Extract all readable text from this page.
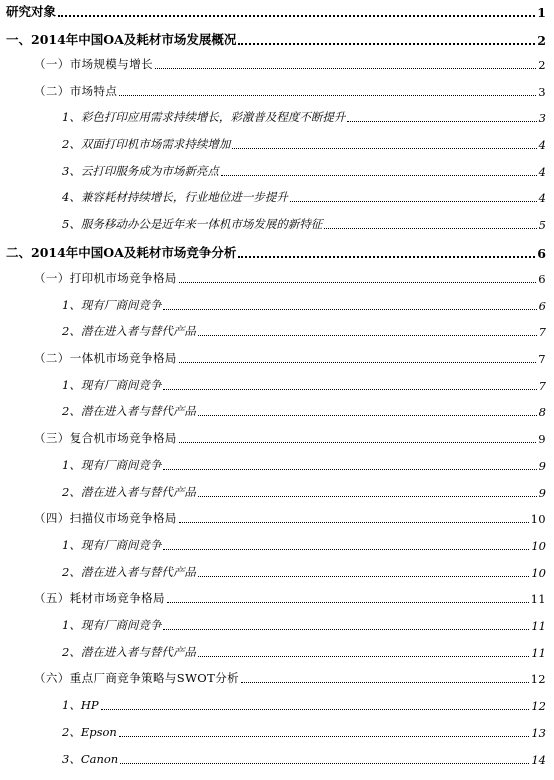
研究对象	1
一、2014年中国OA及耗材市场发展概况	2
（一）市场规模与增长	2
（二）市场特点	3
1、彩色打印应用需求持续增长，彩激普及程度不断提升	3
2、双面打印机市场需求持续增加	4
3、云打印服务成为市场新亮点	4
4、兼容耗材持续增长，行业地位进一步提升	4
5、服务移动办公是近年来一体机市场发展的新特征	5
二、2014年中国OA及耗材市场竞争分析	6
（一）打印机市场竞争格局	6
1、现有厂商间竞争	6
2、潜在进入者与替代产品	7
（二）一体机市场竞争格局	7
1、现有厂商间竞争	7
2、潜在进入者与替代产品	8
（三）复合机市场竞争格局	9
1、现有厂商间竞争	9
2、潜在进入者与替代产品	9
（四）扫描仪市场竞争格局	10
1、现有厂商间竞争	10
2、潜在进入者与替代产品	10
（五）耗材市场竞争格局	11
1、现有厂商间竞争	11
2、潜在进入者与替代产品	11
（六）重点厂商竞争策略与SWOT分析	12
1、HP	12
2、Epson	13
3、Canon	14
